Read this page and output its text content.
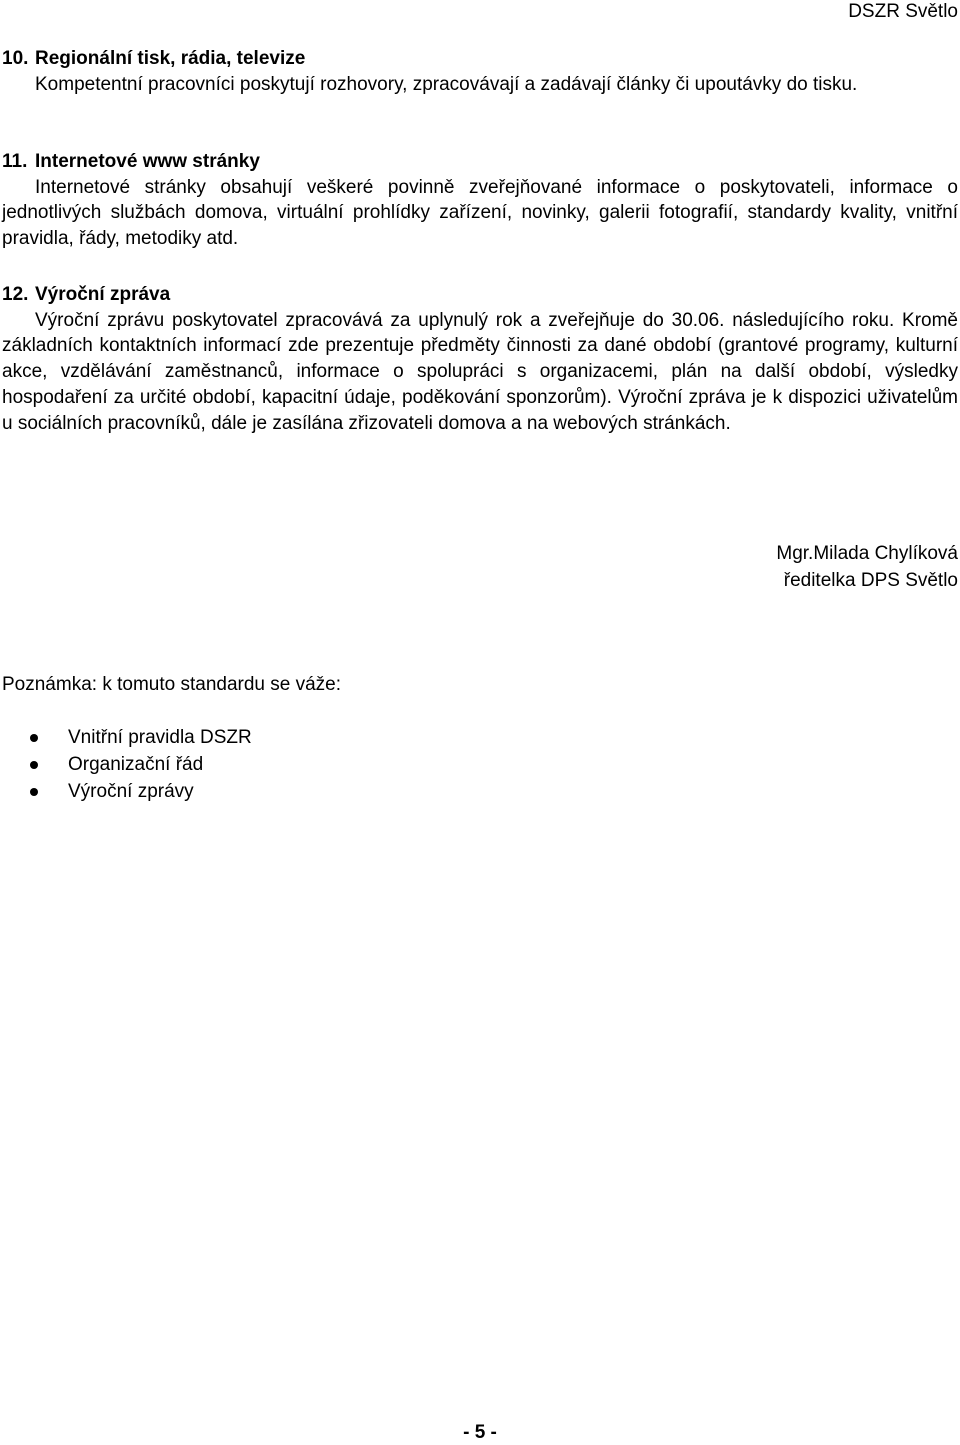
DSZR Světlo
10. Regionální tisk, rádia, televize
Kompetentní pracovníci poskytují rozhovory, zpracovávají a zadávají články či upoutávky do tisku.
11. Internetové www stránky
Internetové stránky obsahují veškeré povinně zveřejňované informace o poskytovateli, informace o jednotlivých službách domova, virtuální prohlídky zařízení, novinky, galerii fotografií, standardy kvality, vnitřní pravidla, řády, metodiky atd.
12. Výroční zpráva
Výroční zprávu poskytovatel zpracovává za uplynulý rok a zveřejňuje do 30.06. následujícího roku. Kromě základních kontaktních informací zde prezentuje předměty činnosti za dané období (grantové programy, kulturní akce, vzdělávání zaměstnanců, informace o spolupráci s organizacemi, plán na další období, výsledky hospodaření za určité období, kapacitní údaje, poděkování sponzorům). Výroční zpráva je k dispozici uživatelům u sociálních pracovníků, dále je zasílána zřizovateli domova a na webových stránkách.
Mgr.Milada Chylíková
ředitelka DPS Světlo
Poznámka: k tomuto standardu se váže:
Vnitřní pravidla DSZR
Organizační řád
Výroční zprávy
- 5 -
